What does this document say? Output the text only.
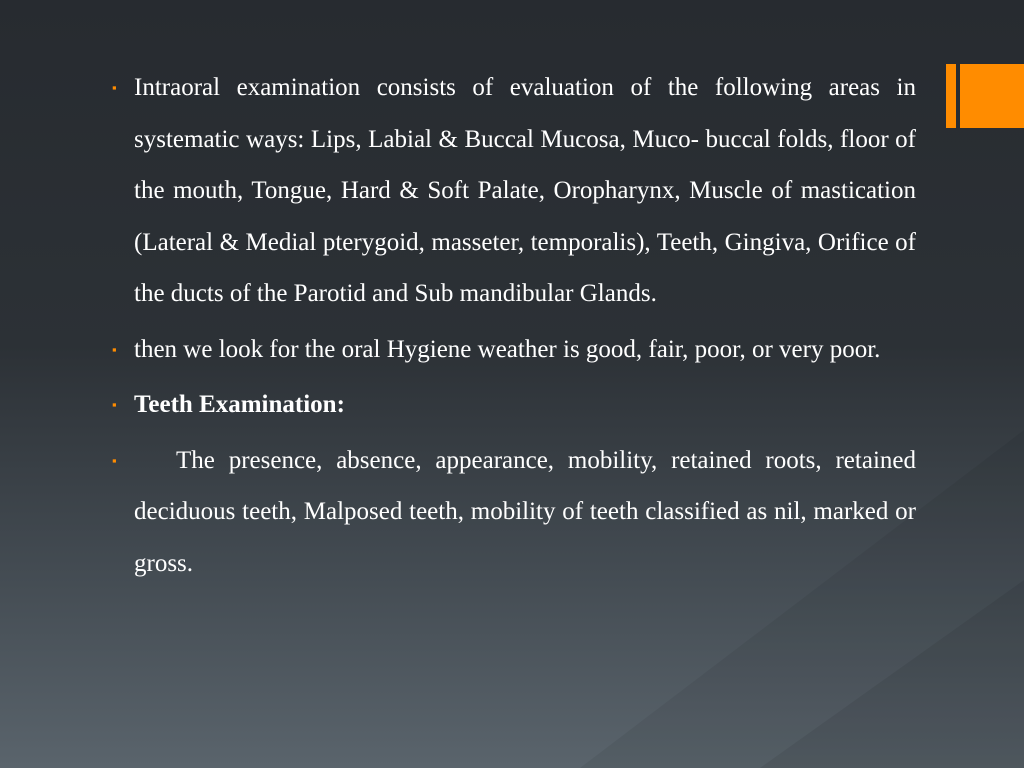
▪ Intraoral examination consists of evaluation of the following areas in systematic ways: Lips, Labial & Buccal Mucosa, Muco- buccal folds, floor of the mouth, Tongue, Hard & Soft Palate, Oropharynx, Muscle of mastication (Lateral & Medial pterygoid, masseter, temporalis), Teeth, Gingiva, Orifice of the ducts of the Parotid and Sub mandibular Glands.
▪ then we look for the oral Hygiene weather is good, fair, poor, or very poor.
▪ Teeth Examination:
▪ The presence, absence, appearance, mobility, retained roots, retained deciduous teeth, Malposed teeth, mobility of teeth classified as nil, marked or gross.
